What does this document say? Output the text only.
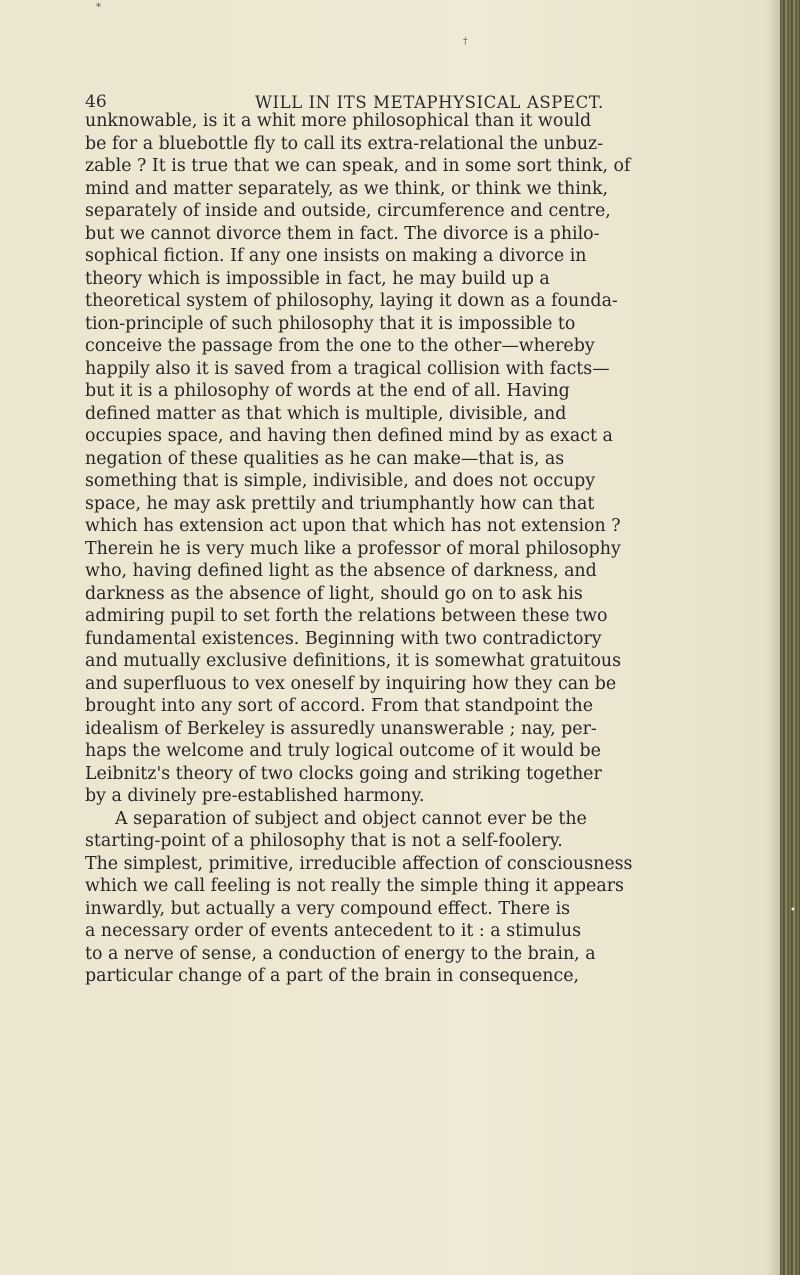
*
†
•
46	WILL IN ITS METAPHYSICAL ASPECT.
unknowable, is it a whit more philosophical than it would
be for a bluebottle fly to call its extra-relational the unbuz-
zable ? It is true that we can speak, and in some sort think, of
mind and matter separately, as we think, or think we think,
separately of inside and outside, circumference and centre,
but we cannot divorce them in fact. The divorce is a philo-
sophical fiction. If any one insists on making a divorce in
theory which is impossible in fact, he may build up a
theoretical system of philosophy, laying it down as a founda-
tion-principle of such philosophy that it is impossible to
conceive the passage from the one to the other—whereby
happily also it is saved from a tragical collision with facts—
but it is a philosophy of words at the end of all. Having
defined matter as that which is multiple, divisible, and
occupies space, and having then defined mind by as exact a
negation of these qualities as he can make—that is, as
something that is simple, indivisible, and does not occupy
space, he may ask prettily and triumphantly how can that
which has extension act upon that which has not extension ?
Therein he is very much like a professor of moral philosophy
who, having defined light as the absence of darkness, and
darkness as the absence of light, should go on to ask his
admiring pupil to set forth the relations between these two
fundamental existences. Beginning with two contradictory
and mutually exclusive definitions, it is somewhat gratuitous
and superfluous to vex oneself by inquiring how they can be
brought into any sort of accord. From that standpoint the
idealism of Berkeley is assuredly unanswerable ; nay, per-
haps the welcome and truly logical outcome of it would be
Leibnitz's theory of two clocks going and striking together
by a divinely pre-established harmony.
A separation of subject and object cannot ever be the
starting-point of a philosophy that is not a self-foolery.
The simplest, primitive, irreducible affection of consciousness
which we call feeling is not really the simple thing it appears
inwardly, but actually a very compound effect. There is
a necessary order of events antecedent to it : a stimulus
to a nerve of sense, a conduction of energy to the brain, a
particular change of a part of the brain in consequence,
